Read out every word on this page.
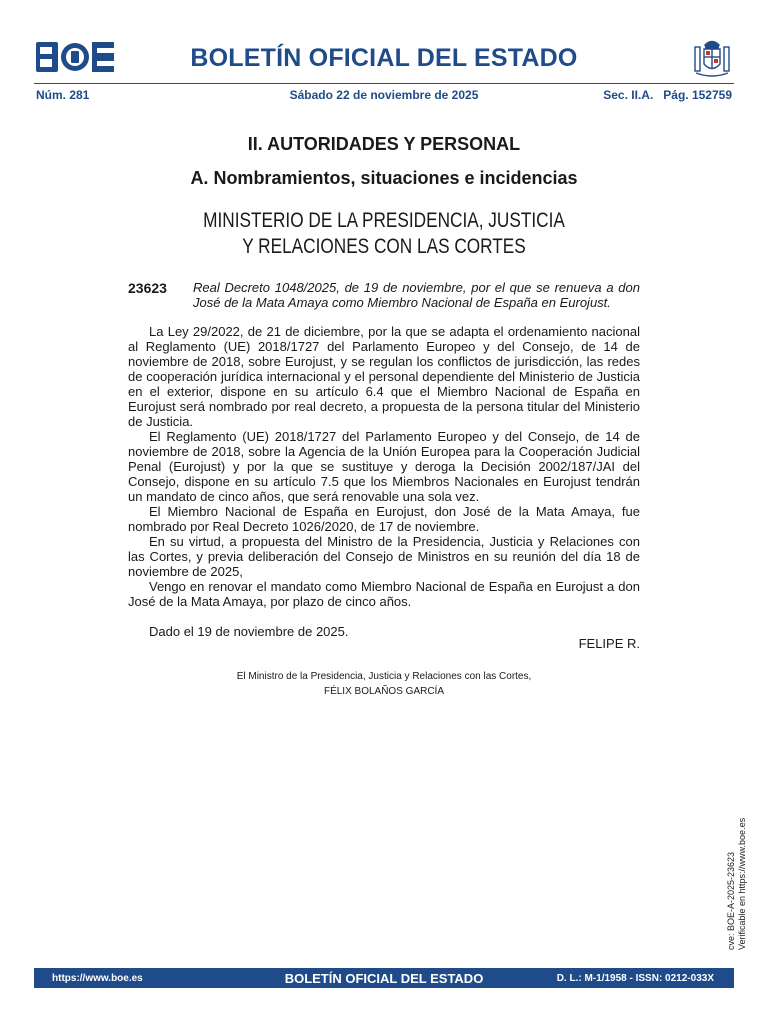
BOLETÍN OFICIAL DEL ESTADO
Núm. 281	Sábado 22 de noviembre de 2025	Sec. II.A.   Pág. 152759
II. AUTORIDADES Y PERSONAL
A. Nombramientos, situaciones e incidencias
MINISTERIO DE LA PRESIDENCIA, JUSTICIA
Y RELACIONES CON LAS CORTES
23623 Real Decreto 1048/2025, de 19 de noviembre, por el que se renueva a don José de la Mata Amaya como Miembro Nacional de España en Eurojust.

La Ley 29/2022, de 21 de diciembre, por la que se adapta el ordenamiento nacional al Reglamento (UE) 2018/1727 del Parlamento Europeo y del Consejo, de 14 de noviembre de 2018, sobre Eurojust, y se regulan los conflictos de jurisdicción, las redes de cooperación jurídica internacional y el personal dependiente del Ministerio de Justicia en el exterior, dispone en su artículo 6.4 que el Miembro Nacional de España en Eurojust será nombrado por real decreto, a propuesta de la persona titular del Ministerio de Justicia.

El Reglamento (UE) 2018/1727 del Parlamento Europeo y del Consejo, de 14 de noviembre de 2018, sobre la Agencia de la Unión Europea para la Cooperación Judicial Penal (Eurojust) y por la que se sustituye y deroga la Decisión 2002/187/JAI del Consejo, dispone en su artículo 7.5 que los Miembros Nacionales en Eurojust tendrán un mandato de cinco años, que será renovable una sola vez.

El Miembro Nacional de España en Eurojust, don José de la Mata Amaya, fue nombrado por Real Decreto 1026/2020, de 17 de noviembre.

En su virtud, a propuesta del Ministro de la Presidencia, Justicia y Relaciones con las Cortes, y previa deliberación del Consejo de Ministros en su reunión del día 18 de noviembre de 2025,

Vengo en renovar el mandato como Miembro Nacional de España en Eurojust a don José de la Mata Amaya, por plazo de cinco años.

Dado el 19 de noviembre de 2025.

FELIPE R.
El Ministro de la Presidencia, Justicia y Relaciones con las Cortes,
FÉLIX BOLAÑOS GARCÍA
cve: BOE-A-2025-23623 Verificable en https://www.boe.es
https://www.boe.es	BOLETÍN OFICIAL DEL ESTADO	D. L.: M-1/1958 - ISSN: 0212-033X
